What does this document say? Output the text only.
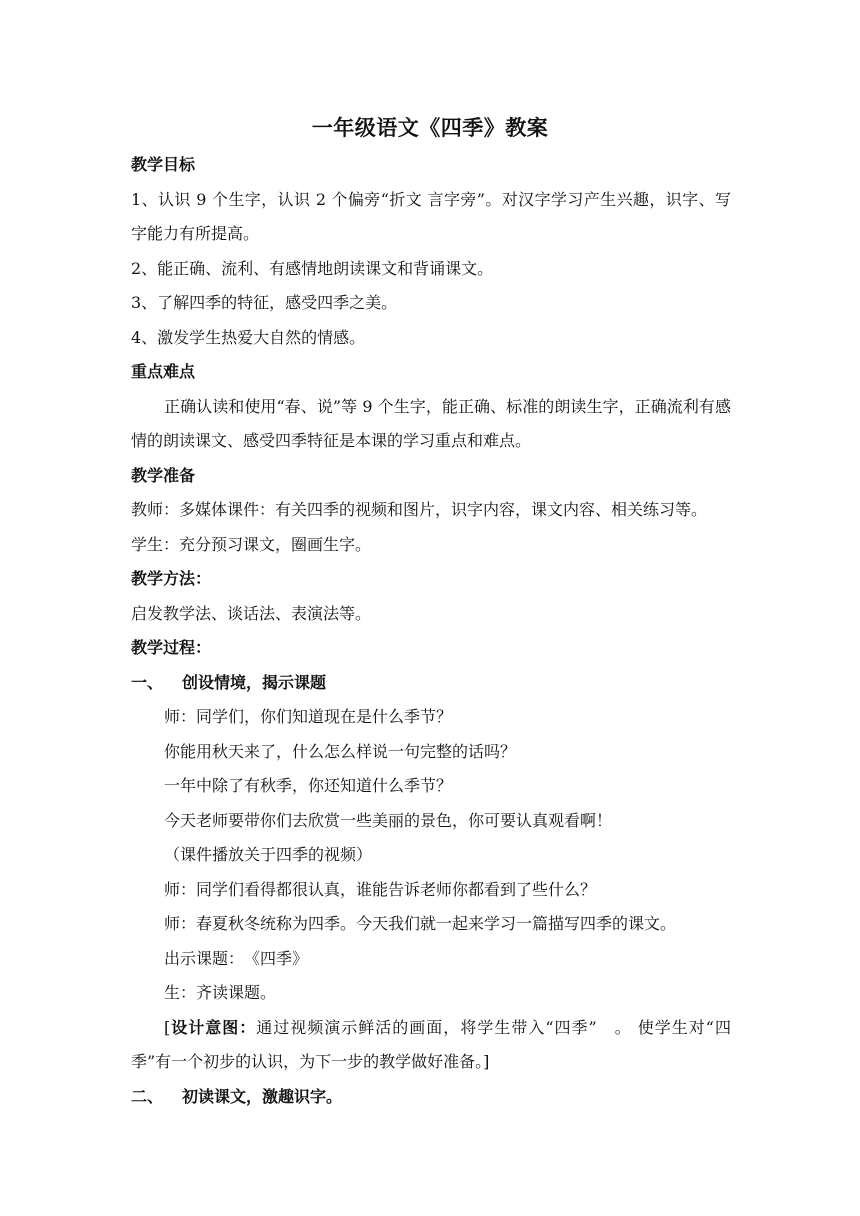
一年级语文《四季》教案
教学目标
1、认识 9 个生字，认识 2 个偏旁“折文 言字旁”。对汉字学习产生兴趣，识字、写字能力有所提高。
2、能正确、流利、有感情地朗读课文和背诵课文。
3、了解四季的特征，感受四季之美。
4、激发学生热爱大自然的情感。
重点难点
正确认读和使用“春、说”等 9 个生字，能正确、标准的朗读生字，正确流利有感情的朗读课文、感受四季特征是本课的学习重点和难点。
教学准备
教师：多媒体课件：有关四季的视频和图片，识字内容，课文内容、相关练习等。
学生：充分预习课文，圈画生字。
教学方法：
启发教学法、谈话法、表演法等。
教学过程：
一、 创设情境，揭示课题
师：同学们，你们知道现在是什么季节？
你能用秋天来了，什么怎么样说一句完整的话吗？
一年中除了有秋季，你还知道什么季节？
今天老师要带你们去欣赏一些美丽的景色，你可要认真观看啊！
（课件播放关于四季的视频）
师：同学们看得都很认真，谁能告诉老师你都看到了些什么？
师：春夏秋冬统称为四季。今天我们就一起来学习一篇描写四季的课文。
出示课题：　《四季》
生：齐读课题。
[设计意图：通过视频演示鲜活的画面，将学生带入“四季”　。 使学生对“四季”有一个初步的认识，为下一步的教学做好准备。]
二、 初读课文，激趣识字。
